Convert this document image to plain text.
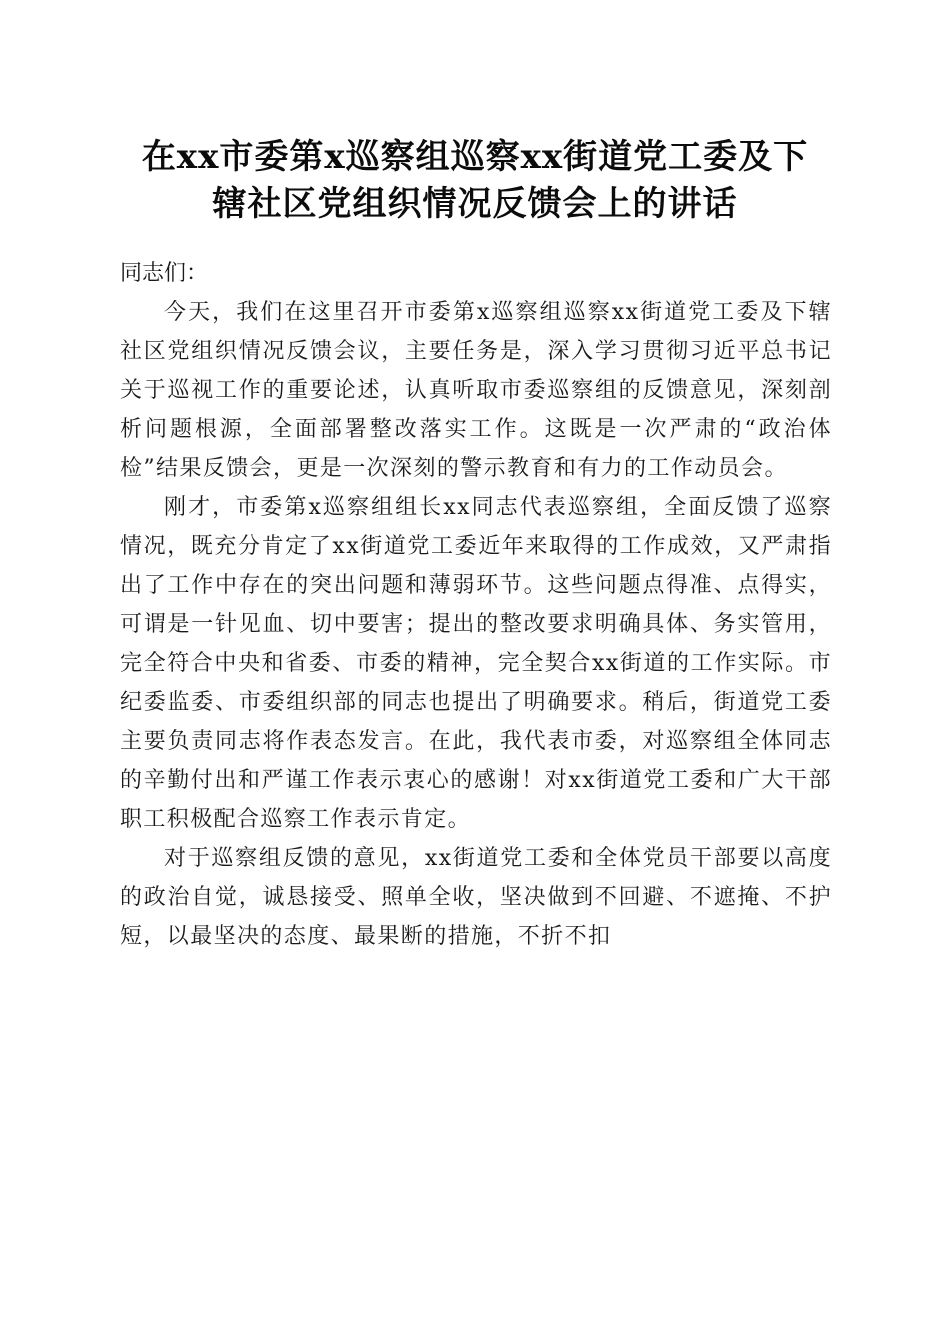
在xx市委第x巡察组巡察xx街道党工委及下
辖社区党组织情况反馈会上的讲话

同志们：

今天，我们在这里召开市委第x巡察组巡察xx街道党工委及下辖社区党组织情况反馈会议，主要任务是，深入学习贯彻习近平总书记关于巡视工作的重要论述，认真听取市委巡察组的反馈意见，深刻剖析问题根源，全面部署整改落实工作。这既是一次严肃的“政治体检”结果反馈会，更是一次深刻的警示教育和有力的工作动员会。

刚才，市委第x巡察组组长xx同志代表巡察组，全面反馈了巡察情况，既充分肯定了xx街道党工委近年来取得的工作成效，又严肃指出了工作中存在的突出问题和薄弱环节。这些问题点得准、点得实，可谓是一针见血、切中要害；提出的整改要求明确具体、务实管用，完全符合中央和省委、市委的精神，完全契合xx街道的工作实际。市纪委监委、市委组织部的同志也提出了明确要求。稍后，街道党工委主要负责同志将作表态发言。在此，我代表市委，对巡察组全体同志的辛勤付出和严谨工作表示衷心的感谢！对xx街道党工委和广大干部职工积极配合巡察工作表示肯定。

对于巡察组反馈的意见，xx街道党工委和全体党员干部要以高度的政治自觉，诚恳接受、照单全收，坚决做到不回避、不遮掩、不护短，以最坚决的态度、最果断的措施，不折不扣
